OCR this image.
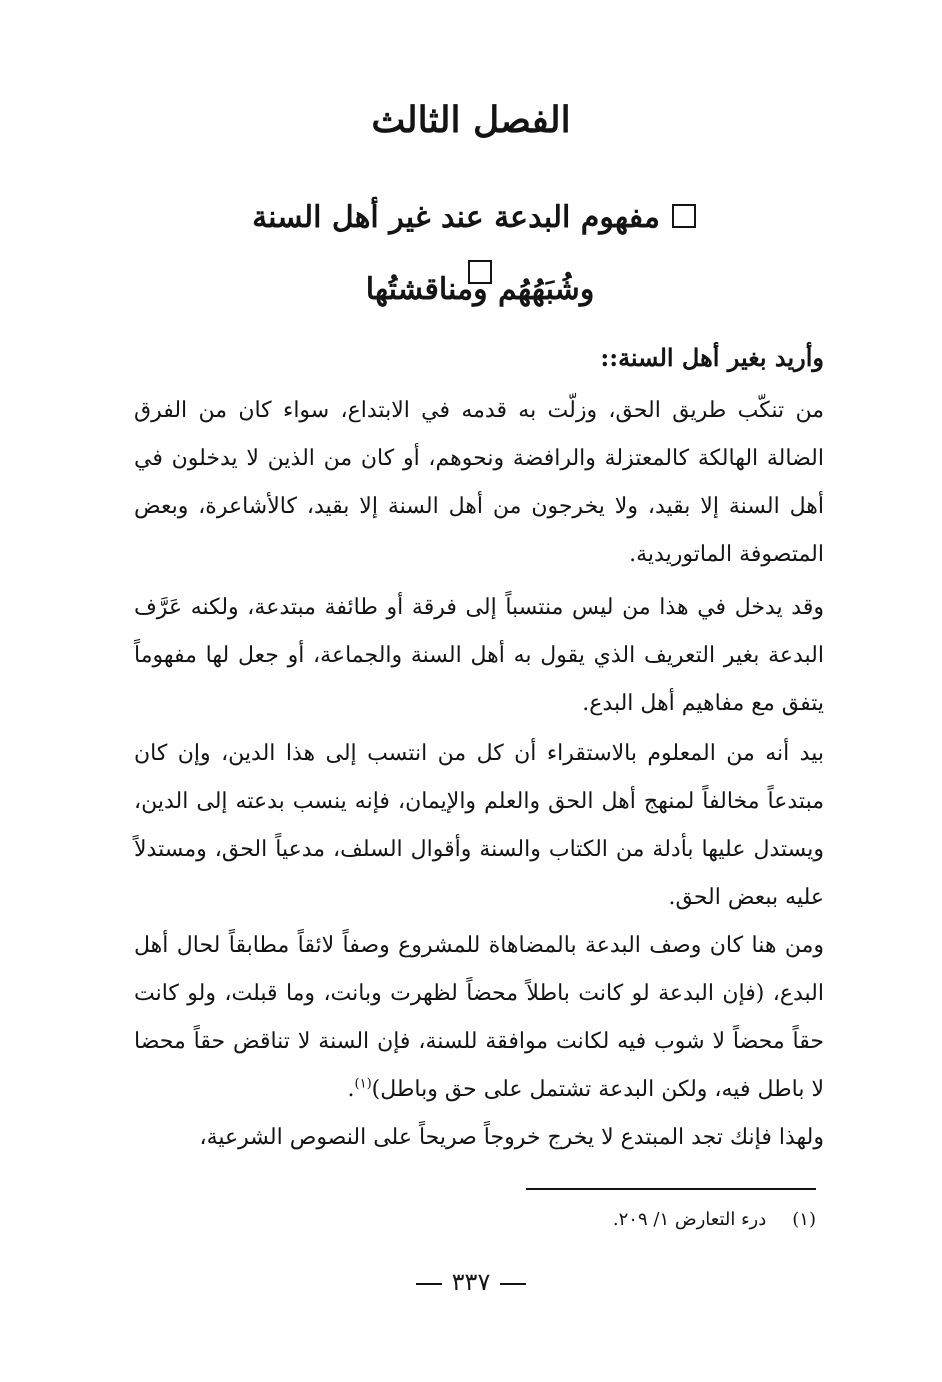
الفصل الثالث
مفهوم البدعة عند غير أهل السنة
وشُبَهُهُم ومناقشتُها
وأريد بغير أهل السنة::

من تنكّب طريق الحق، وزلّت به قدمه في الابتداع، سواء كان من الفرق الضالة الهالكة كالمعتزلة والرافضة ونحوهم، أو كان من الذين لا يدخلون في أهل السنة إلا بقيد، ولا يخرجون من أهل السنة إلا بقيد، كالأشاعرة، وبعض المتصوفة الماتوريدية.

وقد يدخل في هذا من ليس منتسباً إلى فرقة أو طائفة مبتدعة، ولكنه عَرَّف البدعة بغير التعريف الذي يقول به أهل السنة والجماعة، أو جعل لها مفهوماً يتفق مع مفاهيم أهل البدع.

بيد أنه من المعلوم بالاستقراء أن كل من انتسب إلى هذا الدين، وإن كان مبتدعاً مخالفاً لمنهج أهل الحق والعلم والإيمان، فإنه ينسب بدعته إلى الدين، ويستدل عليها بأدلة من الكتاب والسنة وأقوال السلف، مدعياً الحق، ومستدلاً عليه ببعض الحق.

ومن هنا كان وصف البدعة بالمضاهاة للمشروع وصفاً لائقاً مطابقاً لحال أهل البدع، (فإن البدعة لو كانت باطلاً محضاً لظهرت وبانت، وما قبلت، ولو كانت حقاً محضاً لا شوب فيه لكانت موافقة للسنة، فإن السنة لا تناقض حقاً محضا لا باطل فيه، ولكن البدعة تشتمل على حق وباطل)$^{(١)}$.

ولهذا فإنك تجد المبتدع لا يخرج خروجاً صريحاً على النصوص الشرعية،

(١)درء التعارض ١/ ٢٠٩.
٣٣٧
